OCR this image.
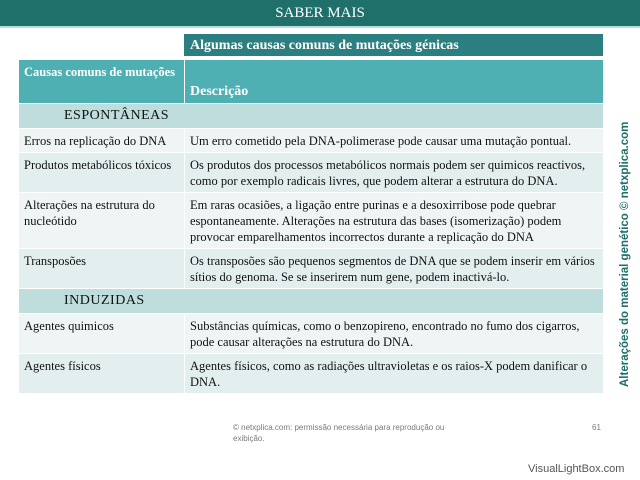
SABER MAIS
Algumas causas comuns de mutações génicas
Causas comuns de mutações	Descrição
ESPONTÂNEAS	
Erros na replicação do DNA	Um erro cometido pela DNA-polimerase pode causar uma mutação pontual.
Produtos metabólicos tóxicos	Os produtos dos processos metabólicos normais podem ser quimicos reactivos, como por exemplo radicais livres, que podem alterar a estrutura do DNA.
Alterações na estrutura do nucleótido	Em raras ocasiões, a ligação entre purinas e a desoxirribose pode quebrar espontaneamente. Alterações na estrutura das bases (isomerização) podem provocar emparelhamentos incorrectos durante a replicação do DNA
Transposões	Os transposões são pequenos segmentos de DNA que se podem inserir em vários sítios do genoma. Se se inserirem num gene, podem inactivá-lo.
INDUZIDAS	
Agentes quimicos	Substâncias químicas, como o benzopireno, encontrado no fumo dos cigarros, pode causar alterações na estrutura do DNA.
Agentes físicos	Agentes físicos, como as radiações ultravioletas e os raios-X podem danificar o DNA.	Alterações do material genético © netxplica.com
© netxplica.com: permissão necessária para reprodução ou exibição.
61
VisualLightBox.com
